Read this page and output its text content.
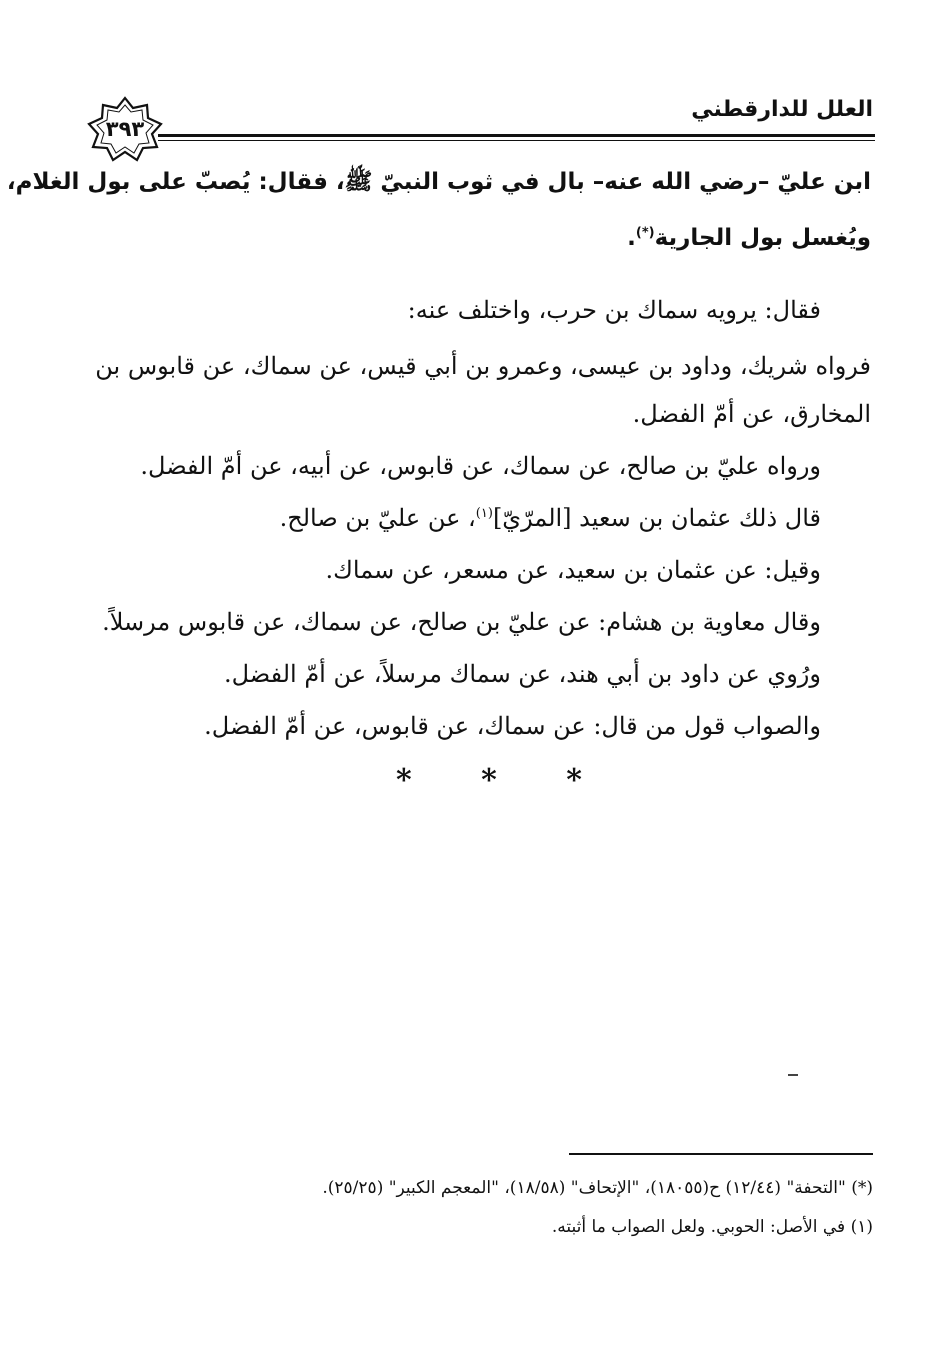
العلل للدارقطني
٣٩٣
ابن عليّ –رضي الله عنه– بال في ثوب النبيّ ﷺ، فقال: يُصبّ على بول الغلام،
ويُغسل بول الجارية(*).
فقال: يرويه سماك بن حرب، واختلف عنه:
فرواه شريك، وداود بن عيسى، وعمرو بن أبي قيس، عن سماك، عن قابوس بن
المخارق، عن أمّ الفضل.
ورواه عليّ بن صالح، عن سماك، عن قابوس، عن أبيه، عن أمّ الفضل.
قال ذلك عثمان بن سعيد [المرّيّ]$^{(١)}$، عن عليّ بن صالح.
وقيل: عن عثمان بن سعيد، عن مسعر، عن سماك.
وقال معاوية بن هشام: عن عليّ بن صالح، عن سماك، عن قابوس مرسلاً.
ورُوي عن داود بن أبي هند، عن سماك مرسلاً، عن أمّ الفضل.
والصواب قول من قال: عن سماك، عن قابوس، عن أمّ الفضل.
* * *
(*) "التحفة" (١٢/٤٤) ح(١٨٠٥٥)، "الإتحاف" (١٨/٥٨)، "المعجم الكبير" (٢٥/٢٥).
(١) في الأصل: الحوبي. ولعل الصواب ما أثبته.
